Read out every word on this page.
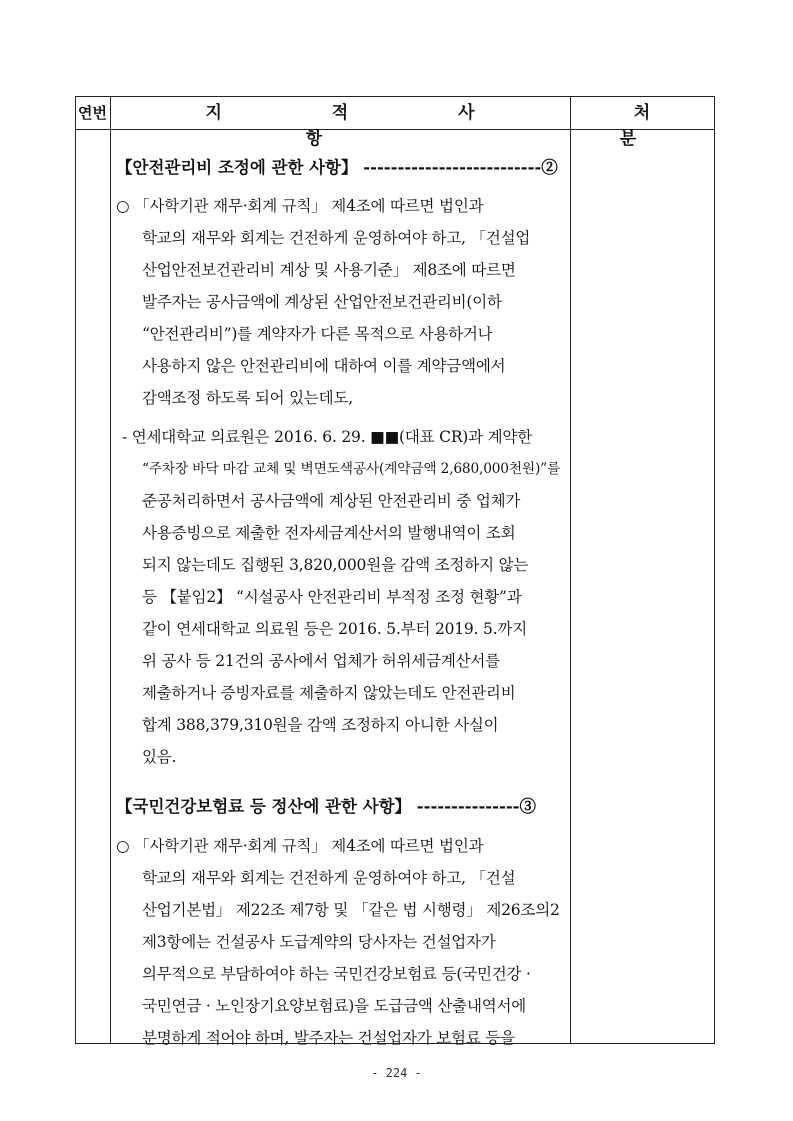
연번	지 적 사 항
처 분
【안전관리비 조정에 관한 사항】 --------------------------②
○ 「사학기관 재무·회계 규칙」 제4조에 따르면 법인과
학교의 재무와 회계는 건전하게 운영하여야 하고, 「건설업
산업안전보건관리비 계상 및 사용기준」 제8조에 따르면
발주자는 공사금액에 계상된 산업안전보건관리비(이하
“안전관리비”)를 계약자가 다른 목적으로 사용하거나
사용하지 않은 안전관리비에 대하여 이를 계약금액에서
감액조정 하도록 되어 있는데도,
- 연세대학교 의료원은 2016. 6. 29. ■■(대표 CR)과 계약한
“주차장 바닥 마감 교체 및 벽면도색공사(계약금액 2,680,000천원)”를
준공처리하면서 공사금액에 계상된 안전관리비 중 업체가
사용증빙으로 제출한 전자세금계산서의 발행내역이 조회
되지 않는데도 집행된 3,820,000원을 감액 조정하지 않는
등 【붙임2】 “시설공사 안전관리비 부적정 조정 현황”과
같이 연세대학교 의료원 등은 2016. 5.부터 2019. 5.까지
위 공사 등 21건의 공사에서 업체가 허위세금계산서를
제출하거나 증빙자료를 제출하지 않았는데도 안전관리비
합계 388,379,310원을 감액 조정하지 아니한 사실이
있음.
【국민건강보험료 등 정산에 관한 사항】 ---------------③
○ 「사학기관 재무·회계 규칙」 제4조에 따르면 법인과
학교의 재무와 회계는 건전하게 운영하여야 하고, 「건설
산업기본법」 제22조 제7항 및 「같은 법 시행령」 제26조의2
제3항에는 건설공사 도급계약의 당사자는 건설업자가
의무적으로 부담하여야 하는 국민건강보험료 등(국민건강 ·
국민연금 · 노인장기요양보험료)을 도급금액 산출내역서에
분명하게 적어야 하며, 발주자는 건설업자가 보험료 등을
- 224 -
